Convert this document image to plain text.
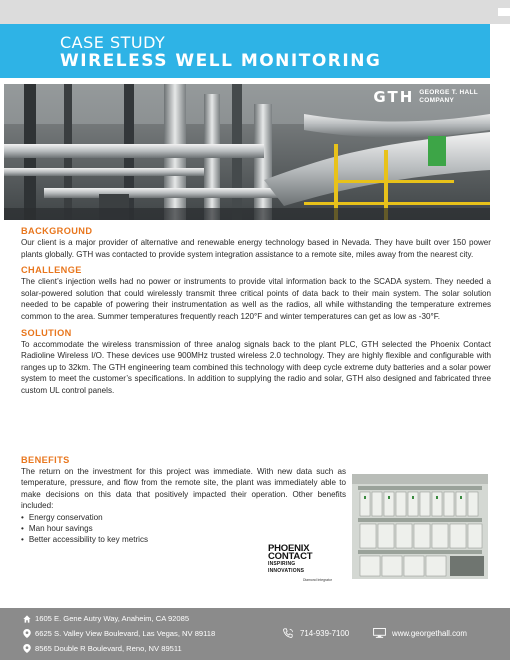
CASE STUDY
WIRELESS WELL MONITORING
GTH GEORGE T. HALL
COMPANY
BACKGROUND

Our client is a major provider of alternative and renewable energy technology based in Nevada. They have built over 150 power plants globally. GTH was contacted to provide system integration assistance to a remote site, miles away from the nearest city.

CHALLENGE

The client’s injection wells had no power or instruments to provide vital information back to the SCADA system. They needed a solar-powered solution that could wirelessly transmit three critical points of data back to their main system. The solar solution needed to be capable of powering their instrumentation as well as the radios, all while withstanding the temperature extremes common to the area. Summer temperatures frequently reach 120°F and winter temperatures can get as low as -30°F.

SOLUTION

To accommodate the wireless transmission of three analog signals back to the plant PLC, GTH selected the Phoenix Contact Radioline Wireless I/O. These devices use 900MHz trusted wireless 2.0 technology. They are highly flexible and configurable with ranges up to 32km. The GTH engineering team combined this technology with deep cycle extreme duty batteries and a solar power system to meet the customer’s specifications. In addition to supplying the radio and solar, GTH also designed and fabricated three custom UL control panels.

BENEFITS

The return on the investment for this project was immediate. With new data such as temperature, pressure, and flow from the remote site, the plant was immediately able to make decisions on this data that positively impacted their operation. Other benefits included:

• Energy conservation
• Man hour savings
• Better accessibility to key metrics
PHOENIX CONTACT
INSPIRING INNOVATIONS
Diamond Integrator
1605 E. Gene Autry Way, Anaheim, CA 92085
6625 S. Valley View Boulevard, Las Vegas, NV 89118
8565 Double R Boulevard, Reno, NV 89511
714-939-7100	www.georgethall.com
